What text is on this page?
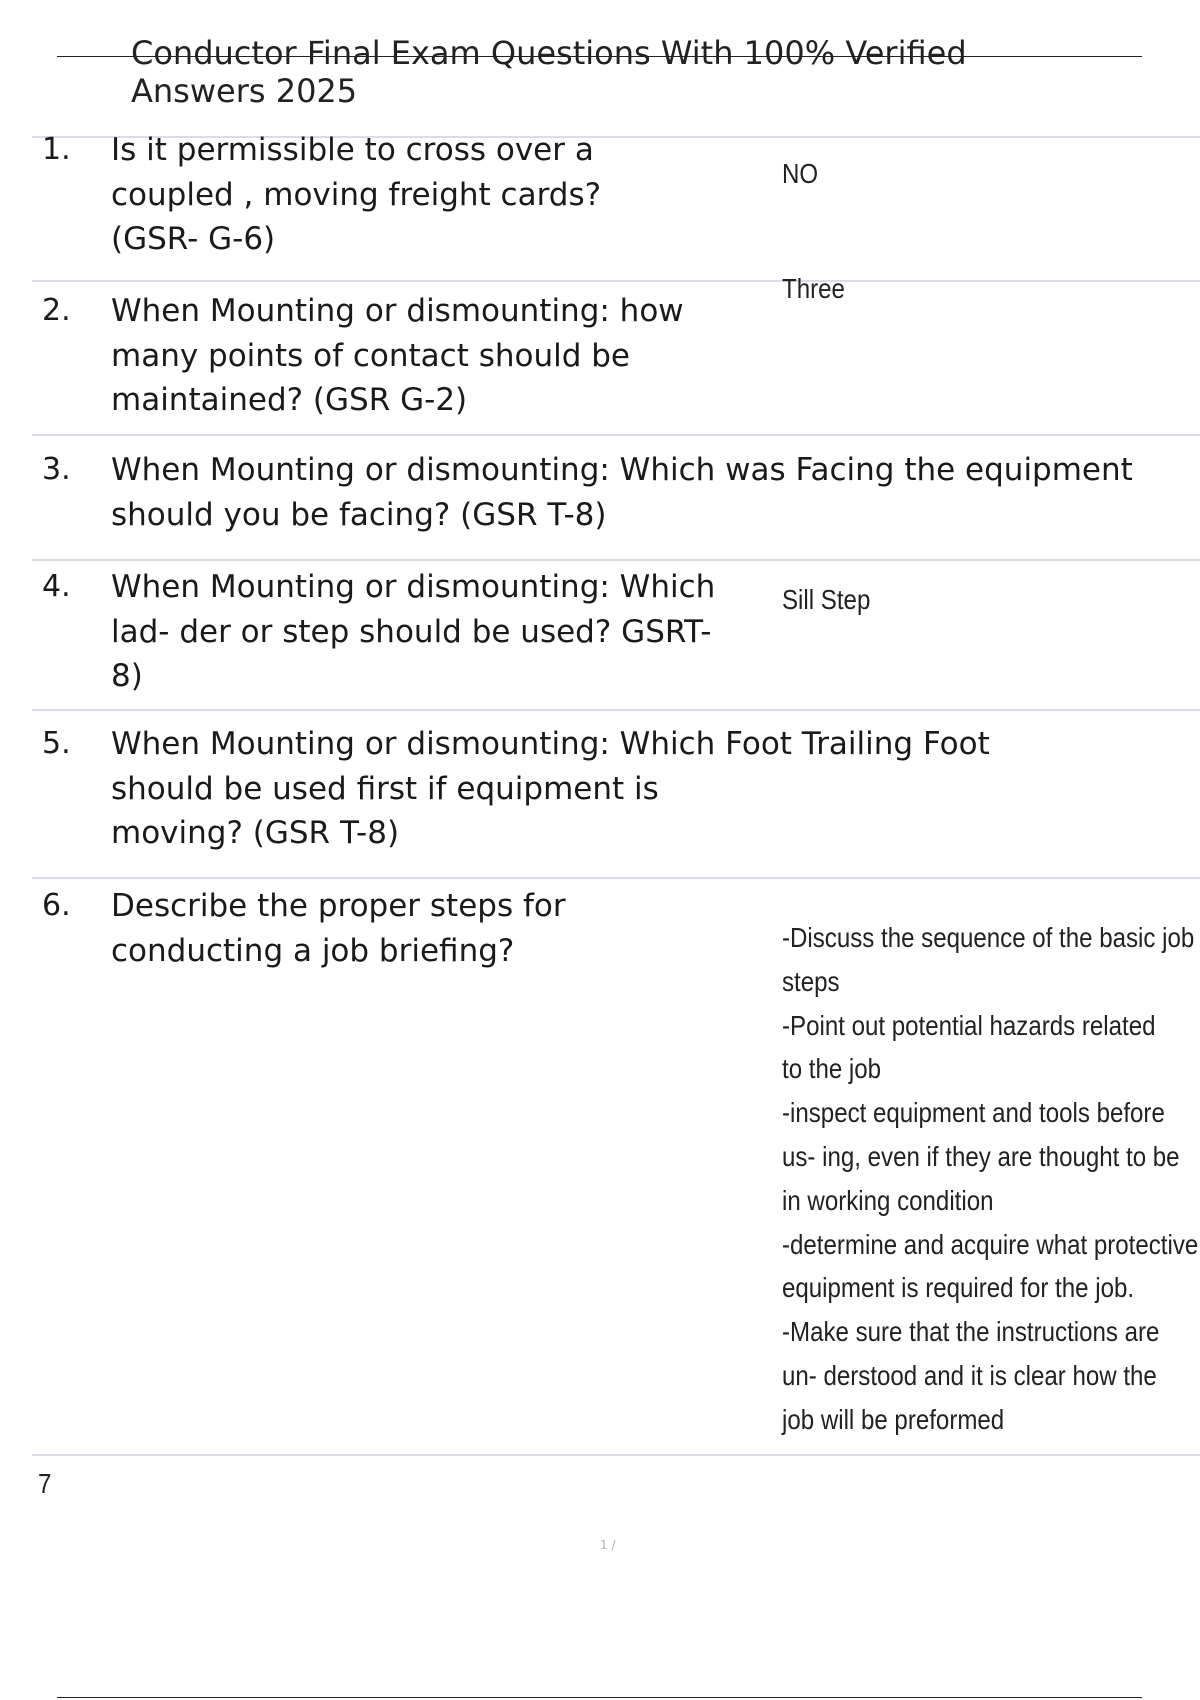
Conductor Final Exam Questions With 100% Verified
Answers 2025
1. Is it permissible to cross over a
coupled , moving freight cards?
(GSR- G-6)

NO
2. When Mounting or dismounting: how
many points of contact should be
maintained? (GSR G-2)

Three
3. When Mounting or dismounting: Which was Facing the equipment
should you be facing? (GSR T-8)

4. When Mounting or dismounting: Which
lad- der or step should be used? GSRT-
8)

Sill Step
5. When Mounting or dismounting: Which Foot Trailing Foot
should be used first if equipment is
moving? (GSR T-8)

6. Describe the proper steps for
conducting a job briefing?	-Discuss the sequence of the basic job
steps
-Point out potential hazards related
to the job
-inspect equipment and tools before
us- ing, even if they are thought to be
in working condition
-determine and acquire what protective
equipment is required for the job.
-Make sure that the instructions are
un- derstood and it is clear how the
job will be preformed
7
1 /
